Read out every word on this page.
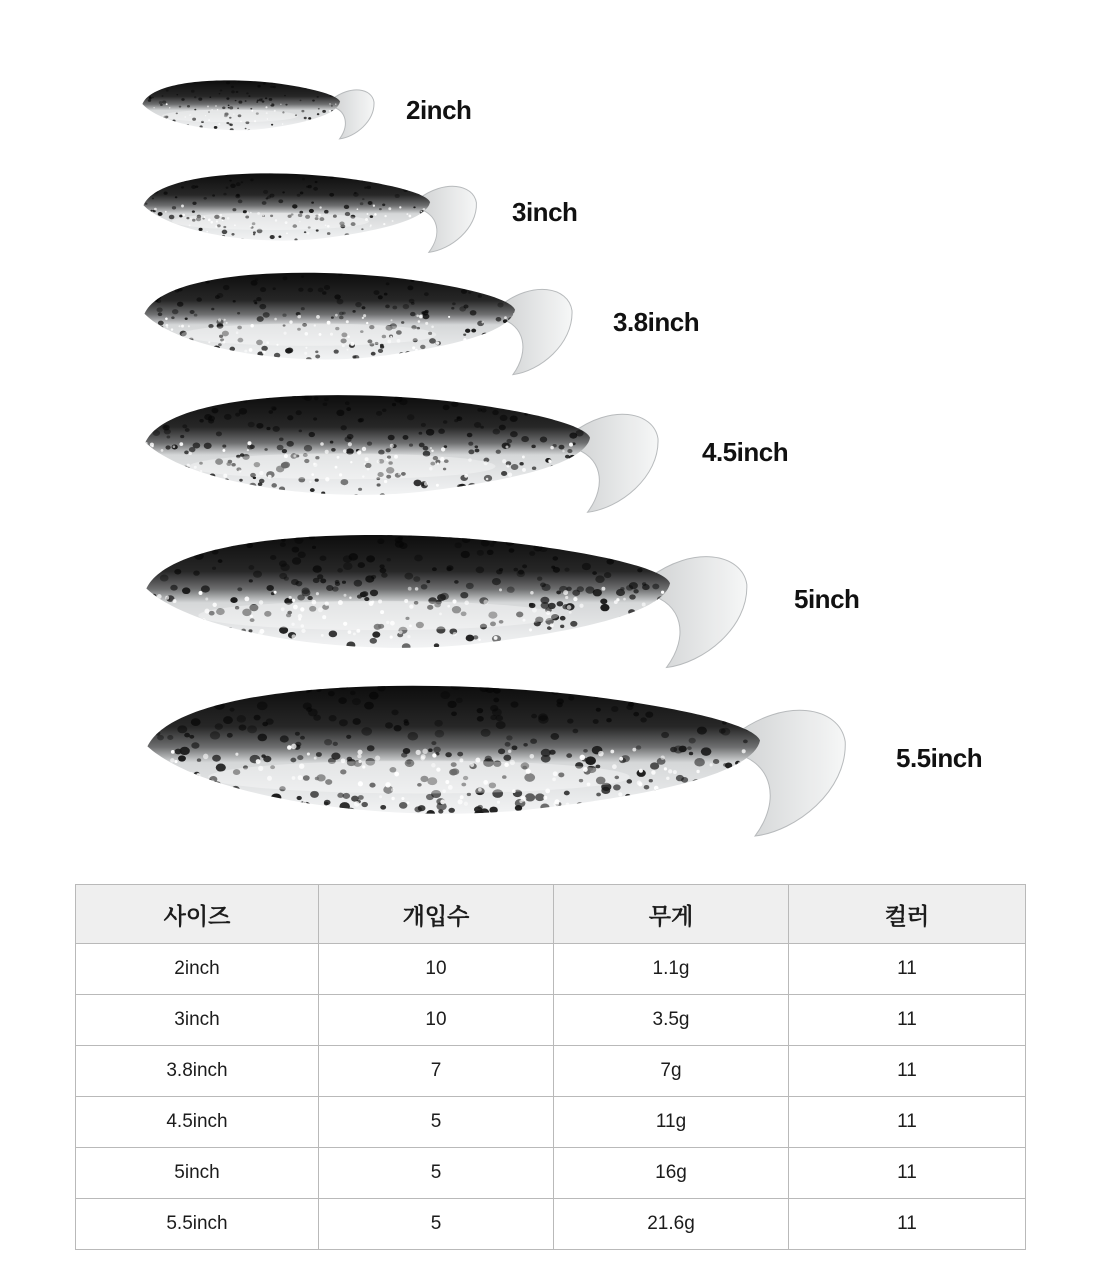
2inch
3inch
3.8inch
4.5inch
5inch
5.5inch
사이즈	개입수	무게	컬러
2inch	10	1.1g	11
3inch	10	3.5g	11
3.8inch	7	7g	11
4.5inch	5	11g	11
5inch	5	16g	11
5.5inch	5	21.6g	11
